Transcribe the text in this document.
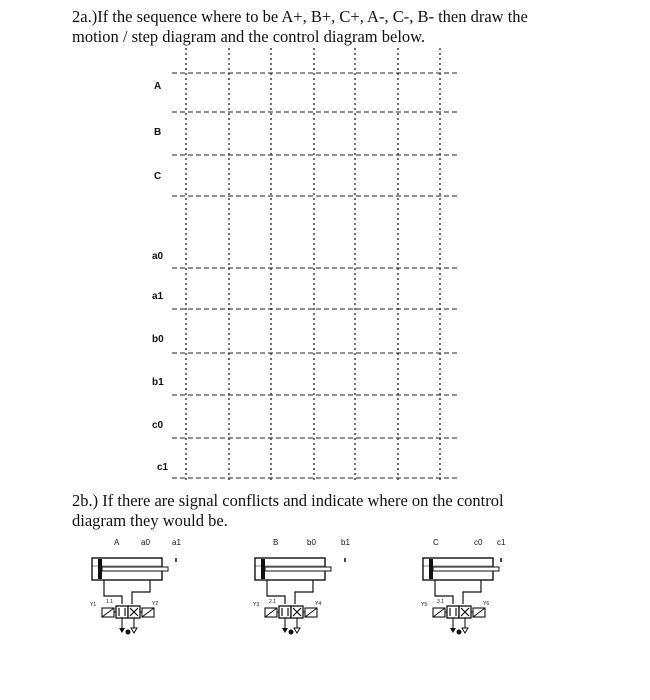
2a.)If the sequence where to be A+, B+, C+, A-, C-, B- then draw the motion / step diagram and the control diagram below.
2b.) If there are signal conflicts and indicate where on the control diagram they would be.
A
B
C
a0
a1
b0
b1
c0
c1
A	a0	a1
1.1
Y1	Y2
B	b0	b1
2.1
Y3	Y4
C	c0 c1
3.1
Y5	Y6
